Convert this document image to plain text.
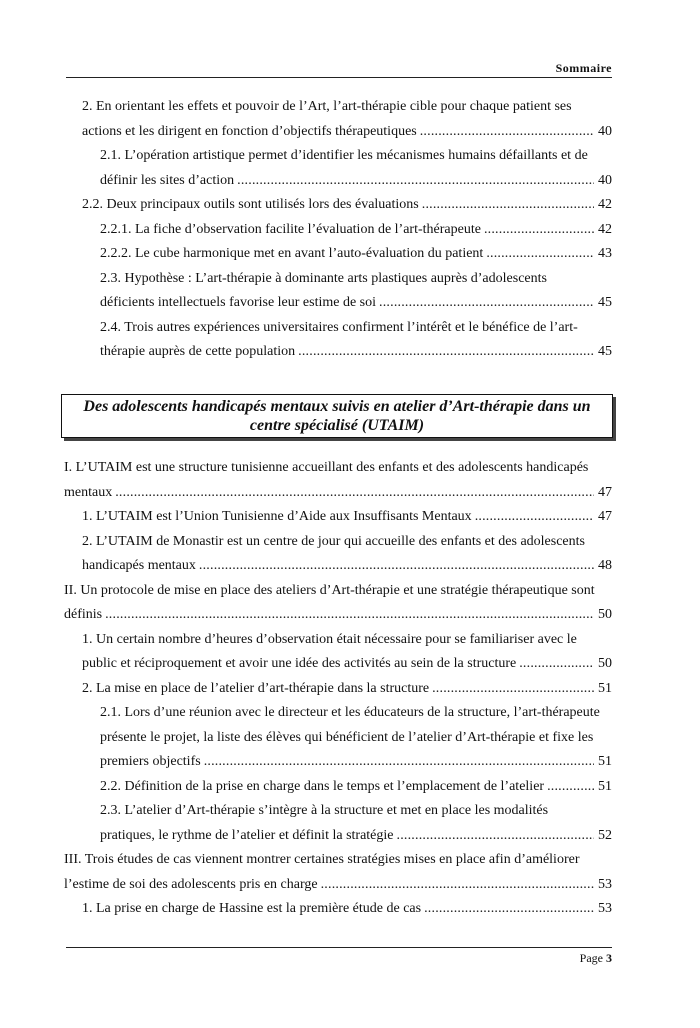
Sommaire
2. En orientant les effets et pouvoir de l’Art, l’art-thérapie cible pour chaque patient ses
actions et les dirigent en fonction d’objectifs thérapeutiques .....	40
2.1. L’opération artistique permet d’identifier les mécanismes humains défaillants et de
définir les sites d’action .....	40
2.2. Deux principaux outils sont utilisés lors des évaluations .....	42
2.2.1. La fiche d’observation facilite l’évaluation de l’art-thérapeute .....	42
2.2.2. Le cube harmonique met en avant l’auto-évaluation du patient .....	43
2.3. Hypothèse : L’art-thérapie à dominante arts plastiques auprès d’adolescents
déficients intellectuels favorise leur estime de soi .....	45
2.4. Trois autres expériences universitaires confirment l’intérêt et le bénéfice de l’art-
thérapie auprès de cette population .....	45
Des adolescents handicapés mentaux suivis en atelier d’Art-thérapie dans un
centre spécialisé (UTAIM)
I. L’UTAIM est une structure tunisienne accueillant des enfants et des adolescents handicapés
mentaux .....	47
1. L’UTAIM est l’Union Tunisienne d’Aide aux Insuffisants Mentaux .....	47
2. L’UTAIM de Monastir est un centre de jour qui accueille des enfants et des adolescents
handicapés mentaux .....	48
II. Un protocole de mise en place des ateliers d’Art-thérapie et une stratégie thérapeutique sont
définis .....	50
1. Un certain nombre d’heures d’observation était nécessaire pour se familiariser avec le
public et réciproquement et avoir une idée des activités au sein de la structure .....	50
2. La mise en place de l’atelier d’art-thérapie dans la structure .....	51
2.1. Lors d’une réunion avec le directeur et les éducateurs de la structure, l’art-thérapeute
présente le projet, la liste des élèves qui bénéficient de l’atelier d’Art-thérapie et fixe les
premiers objectifs .....	51
2.2. Définition de la prise en charge dans le temps et l’emplacement de l’atelier .....	51
2.3. L’atelier d’Art-thérapie s’intègre à la structure et met en place les modalités
pratiques, le rythme de l’atelier et définit la stratégie .....	52
III. Trois études de cas viennent montrer certaines stratégies mises en place afin d’améliorer
l’estime de soi des adolescents pris en charge .....	53
1. La prise en charge de Hassine est la première étude de cas .....	53
Page 3
